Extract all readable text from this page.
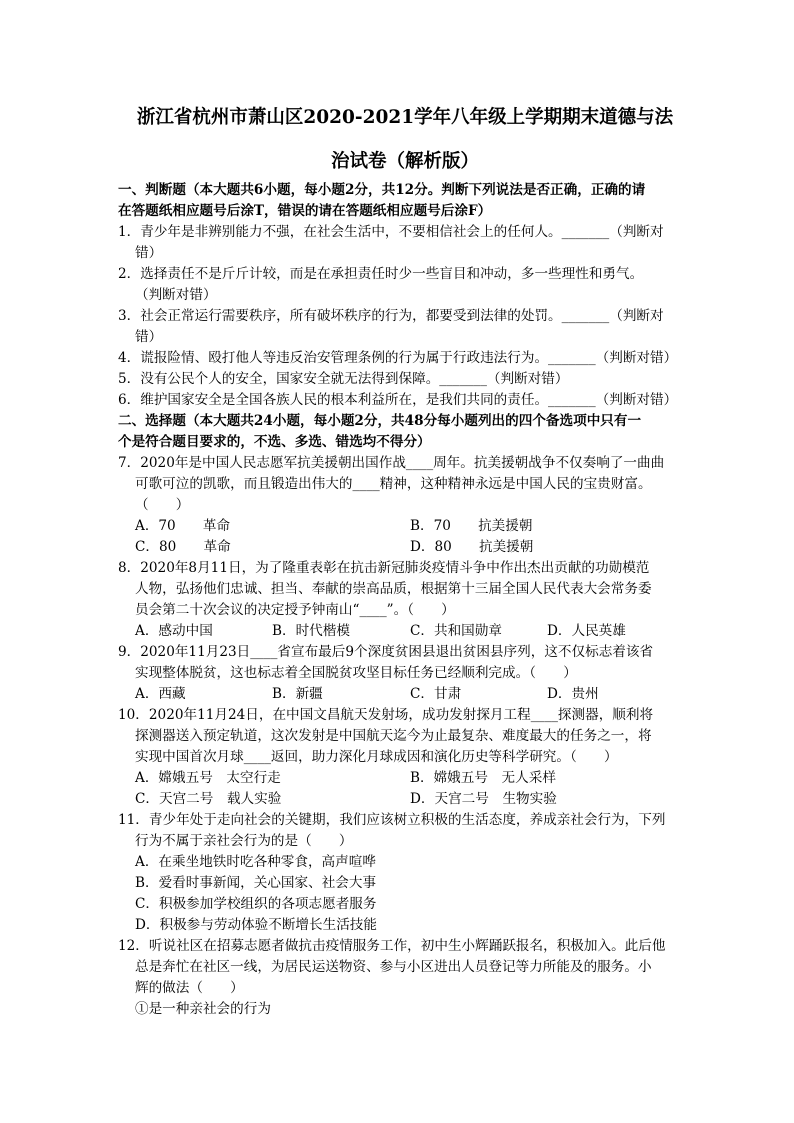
浙江省杭州市萧山区2020-2021学年八年级上学期期末道德与法
治试卷（解析版）
一、判断题（本大题共6小题，每小题2分，共12分。判断下列说法是否正确，正确的请
在答题纸相应题号后涂T，错误的请在答题纸相应题号后涂F）
1．青少年是非辨别能力不强，在社会生活中，不要相信社会上的任何人。_______（判断对
错）
2．选择责任不是斤斤计较，而是在承担责任时少一些盲目和冲动，多一些理性和勇气。
（判断对错）
3．社会正常运行需要秩序，所有破坏秩序的行为，都要受到法律的处罚。_______（判断对
错）
4．谎报险情、殴打他人等违反治安管理条例的行为属于行政违法行为。_______（判断对错）
5．没有公民个人的安全，国家安全就无法得到保障。_______（判断对错）
6．维护国家安全是全国各族人民的根本利益所在，是我们共同的责任。_______（判断对错）
二、选择题（本大题共24小题，每小题2分，共48分每小题列出的四个备选项中只有一
个是符合题目要求的，不选、多选、错选均不得分）
7．2020年是中国人民志愿军抗美援朝出国作战____周年。抗美援朝战争不仅奏响了一曲曲
可歌可泣的凯歌，而且锻造出伟大的____精神，这种精神永远是中国人民的宝贵财富。
（　　）
A．70　　革命	B．70　　抗美援朝
C．80　　革命	D．80　　抗美援朝
8．2020年8月11日，为了隆重表彰在抗击新冠肺炎疫情斗争中作出杰出贡献的功勋模范
人物，弘扬他们忠诚、担当、奉献的崇高品质，根据第十三届全国人民代表大会常务委
员会第二十次会议的决定授予钟南山“____”。（　　）
A．感动中国	B．时代楷模	C．共和国勋章	D．人民英雄
9．2020年11月23日____省宣布最后9个深度贫困县退出贫困县序列，这不仅标志着该省
实现整体脱贫，这也标志着全国脱贫攻坚目标任务已经顺利完成。（　　）
A．西藏	B．新疆	C．甘肃	D．贵州
10．2020年11月24日，在中国文昌航天发射场，成功发射探月工程____探测器，顺利将
探测器送入预定轨道，这次发射是中国航天迄今为止最复杂、难度最大的任务之一，将
实现中国首次月球____返回，助力深化月球成因和演化历史等科学研究。（　　）
A．嫦娥五号　太空行走	B．嫦娥五号　无人采样
C．天宫二号　载人实验	D．天宫二号　生物实验
11．青少年处于走向社会的关键期，我们应该树立积极的生活态度，养成亲社会行为，下列
行为不属于亲社会行为的是（　　）
A．在乘坐地铁时吃各种零食，高声喧哗
B．爱看时事新闻，关心国家、社会大事
C．积极参加学校组织的各项志愿者服务
D．积极参与劳动体验不断增长生活技能
12．听说社区在招募志愿者做抗击疫情服务工作，初中生小辉踊跃报名，积极加入。此后他
总是奔忙在社区一线，为居民运送物资、参与小区进出人员登记等力所能及的服务。小
辉的做法（　　）
①是一种亲社会的行为
